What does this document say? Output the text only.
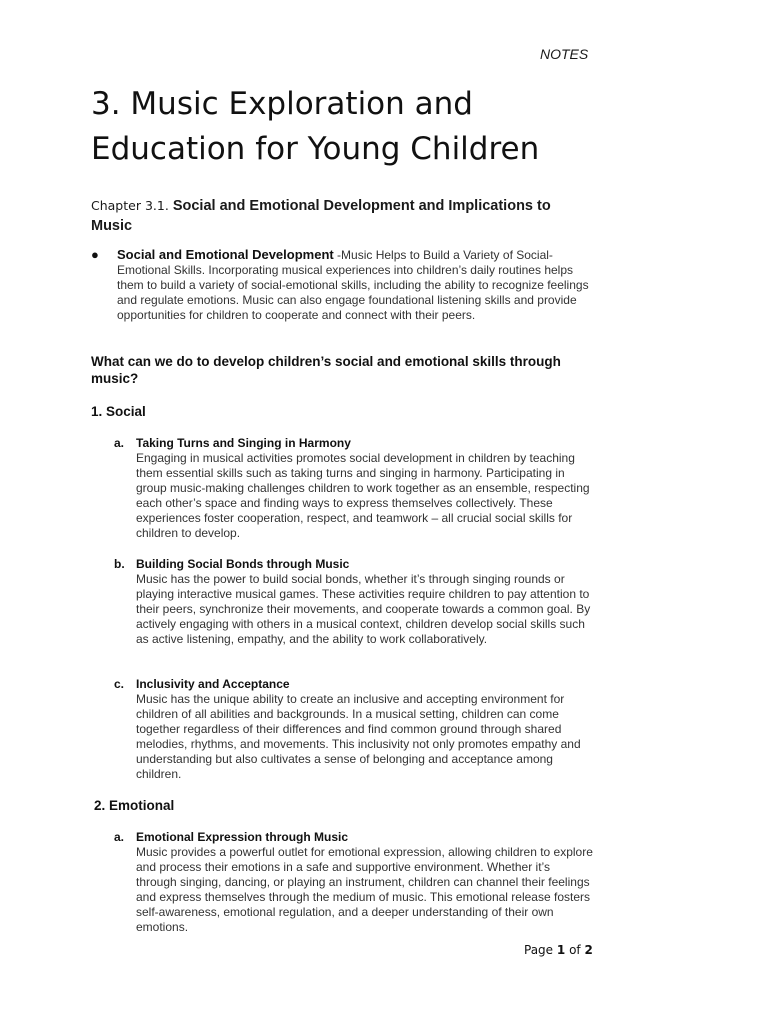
NOTES
3. Music Exploration and
Education for Young Children
Chapter 3.1. Social and Emotional Development and Implications to Music
● Social and Emotional Development -Music Helps to Build a Variety of Social-Emotional Skills. Incorporating musical experiences into children’s daily routines helps them to build a variety of social-emotional skills, including the ability to recognize feelings and regulate emotions. Music can also engage foundational listening skills and provide opportunities for children to cooperate and connect with their peers.
What can we do to develop children’s social and emotional skills through music?
1. Social
a. Taking Turns and Singing in Harmony
Engaging in musical activities promotes social development in children by teaching them essential skills such as taking turns and singing in harmony. Participating in group music-making challenges children to work together as an ensemble, respecting each other’s space and finding ways to express themselves collectively. These experiences foster cooperation, respect, and teamwork – all crucial social skills for children to develop.
b. Building Social Bonds through Music
Music has the power to build social bonds, whether it’s through singing rounds or playing interactive musical games. These activities require children to pay attention to their peers, synchronize their movements, and cooperate towards a common goal. By actively engaging with others in a musical context, children develop social skills such as active listening, empathy, and the ability to work collaboratively.
c. Inclusivity and Acceptance
Music has the unique ability to create an inclusive and accepting environment for children of all abilities and backgrounds. In a musical setting, children can come together regardless of their differences and find common ground through shared melodies, rhythms, and movements. This inclusivity not only promotes empathy and understanding but also cultivates a sense of belonging and acceptance among children.
2. Emotional
a. Emotional Expression through Music
Music provides a powerful outlet for emotional expression, allowing children to explore and process their emotions in a safe and supportive environment. Whether it’s through singing, dancing, or playing an instrument, children can channel their feelings and express themselves through the medium of music. This emotional release fosters self-awareness, emotional regulation, and a deeper understanding of their own emotions.
Page 1 of 2
